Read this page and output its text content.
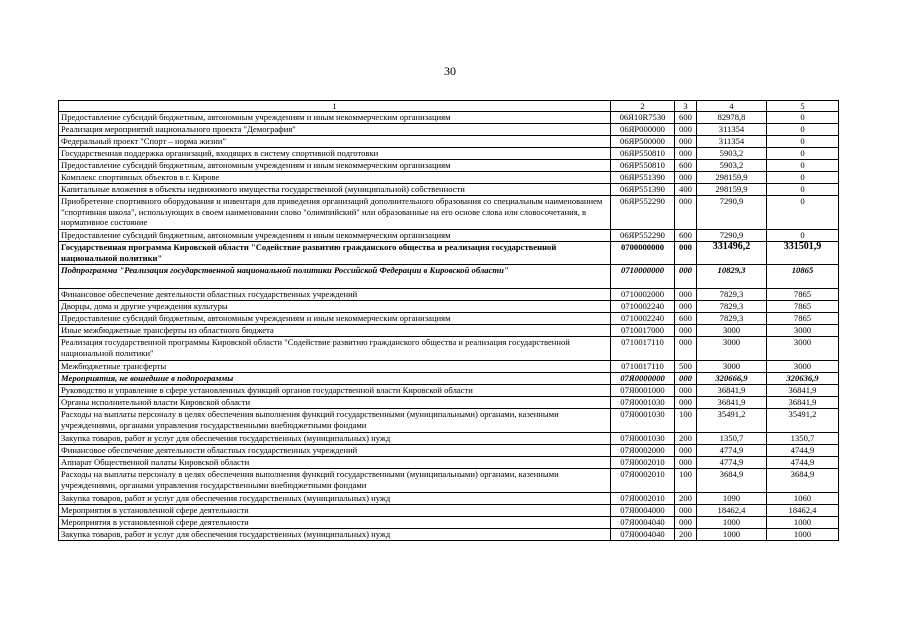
30
1	2	3	4	5
Предоставление субсидий бюджетным, автономным учреждениям и иным некоммерческим организациям	06Я10R7530	600	82978,8	0
Реализация мероприятий национального проекта "Демография"	06ЯР000000	000	311354	0
Федеральный проект "Спорт – норма жизни"	06ЯР500000	000	311354	0
Государственная поддержка организаций, входящих в систему спортивной подготовки	06ЯР550810	000	5903,2	0
Предоставление субсидий бюджетным, автономным учреждениям и иным некоммерческим организациям	06ЯР550810	600	5903,2	0
Комплекс спортивных объектов в г. Кирове	06ЯР551390	000	298159,9	0
Капитальные вложения в объекты недвижимого имущества государственной (муниципальной) собственности	06ЯР551390	400	298159,9	0
Приобретение спортивного оборудования и инвентаря для приведения организаций дополнительного образования со специальным наименованием "спортивная школа", использующих в своем наименовании слово "олимпийский" или образованные на его основе слова или словосочетания, в нормативное состояние	06ЯР552290	000	7290,9	0
Предоставление субсидий бюджетным, автономным учреждениям и иным некоммерческим организациям	06ЯР552290	600	7290,9	0
Государственная программа Кировской области "Содействие развитию гражданского общества и реализация государственной национальной политики"	0700000000	000	331496,2	331501,9
Подпрограмма "Реализация государственной национальной политики Российской Федерации в Кировской области"	0710000000	000	10829,3	10865
Финансовое обеспечение деятельности областных государственных учреждений	0710002000	000	7829,3	7865
Дворцы, дома и другие учреждения культуры	0710002240	000	7829,3	7865
Предоставление субсидий бюджетным, автономным учреждениям и иным некоммерческим организациям	0710002240	600	7829,3	7865
Иные межбюджетные трансферты из областного бюджета	0710017000	000	3000	3000
Реализация государственной программы Кировской области "Содействие развитию гражданского общества и реализация государственной национальной политики"	0710017110	000	3000	3000
Межбюджетные трансферты	0710017110	500	3000	3000
Мероприятия, не вошедшие в подпрограммы	07Я0000000	000	320666,9	320636,9
Руководство и управление в сфере установленных функций органов государственной власти Кировской области	07Я0001000	000	36841,9	36841,9
Органы исполнительной власти Кировской области	07Я0001030	000	36841,9	36841,9
Расходы на выплаты персоналу в целях обеспечения выполнения функций государственными (муниципальными) органами, казенными учреждениями, органами управления государственными внебюджетными фондами	07Я0001030	100	35491,2	35491,2
Закупка товаров, работ и услуг для обеспечения государственных (муниципальных) нужд	07Я0001030	200	1350,7	1350,7
Финансовое обеспечение деятельности областных государственных учреждений	07Я0002000	000	4774,9	4744,9
Аппарат Общественной палаты Кировской области	07Я0002010	000	4774,9	4744,9
Расходы на выплаты персоналу в целях обеспечения выполнения функций государственными (муниципальными) органами, казенными учреждениями, органами управления государственными внебюджетными фондами	07Я0002010	100	3684,9	3684,9
Закупка товаров, работ и услуг для обеспечения государственных (муниципальных) нужд	07Я0002010	200	1090	1060
Мероприятия в установленной сфере деятельности	07Я0004000	000	18462,4	18462,4
Мероприятия в установленной сфере деятельности	07Я0004040	000	1000	1000
Закупка товаров, работ и услуг для обеспечения государственных (муниципальных) нужд	07Я0004040	200	1000	1000
